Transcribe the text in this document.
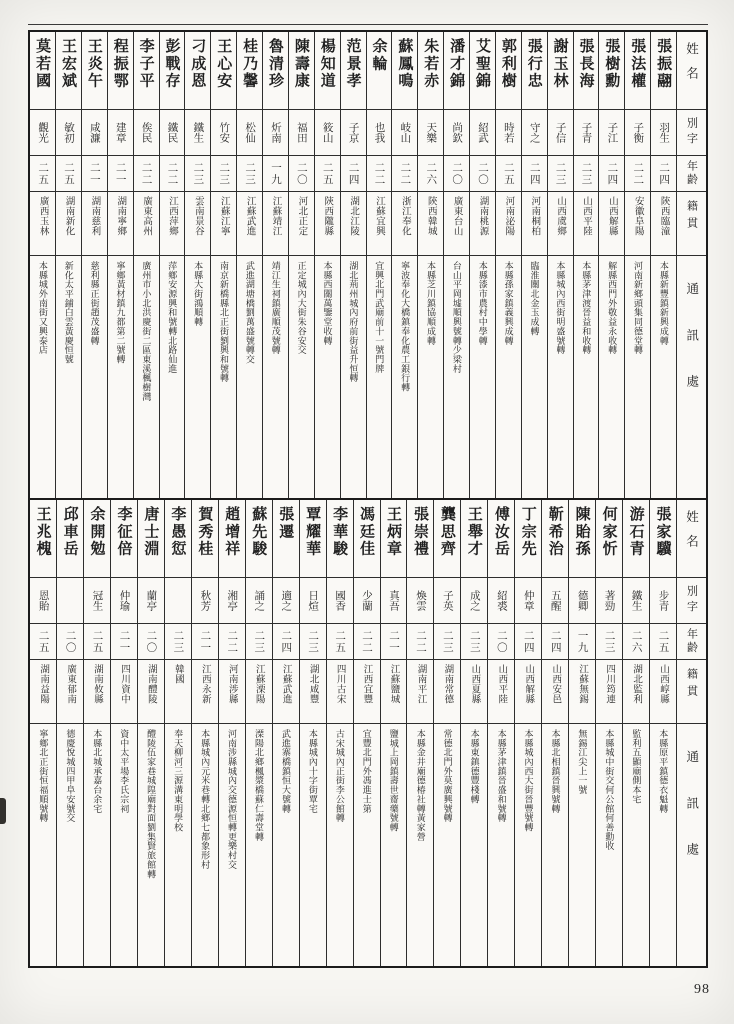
姓名
別字
年齡
籍貫
通訊處
張振翮
羽生
二四
陝西臨潼
本縣新豐鎮新興成轉
張法權
子衡
二二
安徽阜陽
河南新鄉頭集同德堂轉
張樹勳
子江
二四
山西解縣
解縣西門外敬益永收轉
張長海
子青
二三
山西平陸
本縣茅津渡晉益和收轉
謝玉林
子信
二三
山西虞鄉
本縣城內西街明盛號轉
張行忠
守之
二四
河南桐柏
臨淮關北金玉成轉
郭利樹
時若
二五
河南泌陽
本縣孫家鎮義興成轉
艾聖錦
紹武
二〇
湖南桃源
本縣漆市農村中學轉
潘才錦
尚欽
二〇
廣東台山
台山平岡墟順興號轉少梁村
朱若赤
天樂
二六
陝西韓城
本縣芝川鎮協順成轉
蘇鳳鳴
岐山
二二
浙江奉化
寧波奉化大橋鎮奉化農工銀行轉
余輪
也我
二二
江蘇宜興
宜興北門武廟前十一號門牌
范景孝
子京
二四
湖北江陵
湖北荊州城內府前街益升恒轉
楊知道
筱山
二五
陝西隴縣
本縣西關萬鑒堂收轉
陳壽康
福田
二〇
河北正定
正定城內大街朱谷安交
魯清珍
炘南
一九
江蘇靖江
靖江生祠鎮廣順茂號轉
桂乃馨
松仙
二三
江蘇武進
武進湖塘橋劉萬盛號轉交
王心安
竹安
二三
江蘇江寧
南京新橋縣北正街劉興和號轉
刁成恩
鐵生
二三
雲南景谷
本縣大街鴻順轉
彭戰存
鐵民
二二
江西萍鄉
萍鄉安源興和號轉北路仙進
李子平
俟民
二二
廣東高州
廣州市小北洪慶街二區東溪楓樹灣
程振鄂
建章
二一
湖南寧鄉
寧鄉黃材鎮九都第二號轉
王炎午
咸濂
二一
湖南慈利
慈利縣正街趙茂盛轉
王宏斌
敏初
二五
湖南新化
新化太平鋪白雲黃慶恒號
莫若國
觀光
二五
廣西玉林
本縣城外南街又興泰店
姓名
別字
年齡
籍貫
通訊處
張家驥
步青
二五
山西崞縣
本縣原平鎮德衣魁轉
游石青
鐵生
二六
湖北監利
監利五顯廟側本宅
何家忻
著勁
二三
四川筠連
本縣城中街交何公館何善勳收
陳貽孫
德卿
一九
江蘇無錫
無錫江尖上一號
靳希治
五醒
二四
山西安邑
本縣北相鎮晉興號轉
丁宗先
仲章
二四
山西解縣
本縣城內西大街晉豐號轉
傅汝岳
紹裘
二〇
山西平陸
本縣茅津鎮晉盛和號轉
王舉才
成之
二三
山西夏縣
本縣東鎮德豐棧轉
龔思齊
子英
二三
湖南常德
常德北門外莫廣興號轉
張崇禮
煥雲
二二
湖南平江
本縣金井廟德椿社轉黃家營
王炳章
真吾
二一
江蘇鹽城
鹽城上岡鎮壽世齋藥號轉
馮廷佳
少蘭
二二
江西宜豐
宜豐北門外馮進士第
李華駿
國香
二五
四川古宋
古宋城內正街李公館轉
覃耀華
日煊
二三
湖北咸豐
本縣城內十字街覃宅
張遷
適之
二四
江蘇武進
武進寨橋鎮恒大號轉
蘇先駿
誦之
二三
江蘇溧陽
溧陽北鄉楓漿橋蘇仁壽堂轉
趙增祥
湘亭
二二
河南涉縣
河南涉縣城內交德源恒轉更樂村交
賀秀桂
秋芳
二一
江西永新
本縣城內元米巷轉北鄉七都象形村
李愚愆
二三
韓國
奉天柳河三源溝東明學校
唐士淵
蘭亭
二〇
湖南醴陵
醴陵伍家巷城隍廟對面劉集賢旅館轉
李征倍
仲瑜
二一
四川資中
資中太平場李氏宗祠
余開勉
冠生
二五
湖南攸縣
本縣北城承嘉台余宅
邱車岳
二〇
廣東郁南
德慶悅城四甲阜安號交
王兆槐
恩貽
二五
湖南益陽
寧鄉北正街恒福順號轉
98
